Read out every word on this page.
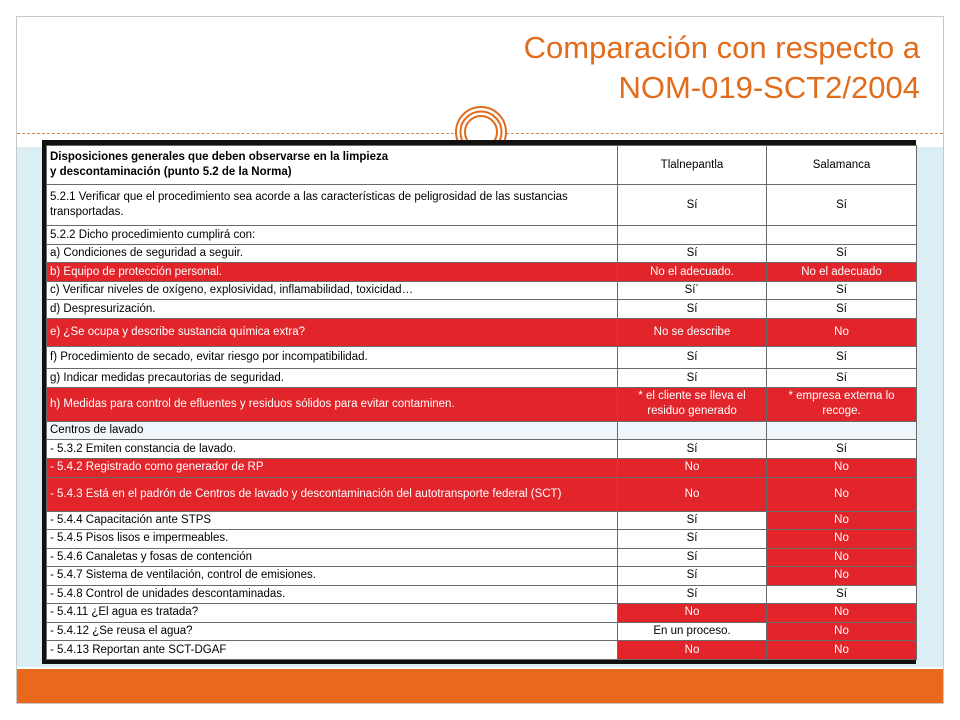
Comparación con respecto a
NOM-019-SCT2/2004
Disposiciones generales que deben observarse en la limpieza
y descontaminación (punto 5.2 de la Norma)	Tlalnepantla	Salamanca
5.2.1 Verificar que el procedimiento sea acorde a las características de peligrosidad de las sustancias transportadas.	Sí	Sí
5.2.2 Dicho procedimiento cumplirá con:		
a) Condiciones de seguridad a seguir.	Sí	Sí
b) Equipo de protección personal.	No el adecuado.	No el adecuado
c) Verificar niveles de oxígeno, explosividad, inflamabilidad, toxicidad…	Sí´	Sí
d) Despresurización.	Sí	Sí
e) ¿Se ocupa y describe sustancia química extra?	No se describe	No
f) Procedimiento de secado, evitar riesgo por incompatibilidad.	Sí	Sí
g) Indicar medidas precautorias de seguridad.	Sí	Sí
h) Medidas para control de efluentes y residuos sólidos para evitar contaminen.	* el cliente se lleva el residuo generado	* empresa externa lo recoge.
Centros de lavado		
- 5.3.2 Emiten constancia de lavado.	Sí	Sí
- 5.4.2 Registrado como generador de RP	No	No
- 5.4.3 Está en el padrón de Centros de lavado y descontaminación del autotransporte federal (SCT)	No	No
- 5.4.4 Capacitación ante STPS	Sí	No
- 5.4.5 Pisos lisos e impermeables.	Sí	No
- 5.4.6 Canaletas y fosas de contención	Sí	No
- 5.4.7 Sistema de ventilación, control de emisiones.	Sí	No
- 5.4.8 Control de unidades descontaminadas.	Sí	Sí
- 5.4.11 ¿El agua es tratada?	No	No
- 5.4.12 ¿Se reusa el agua?	En un proceso.	No
- 5.4.13 Reportan ante SCT-DGAF	No	No
